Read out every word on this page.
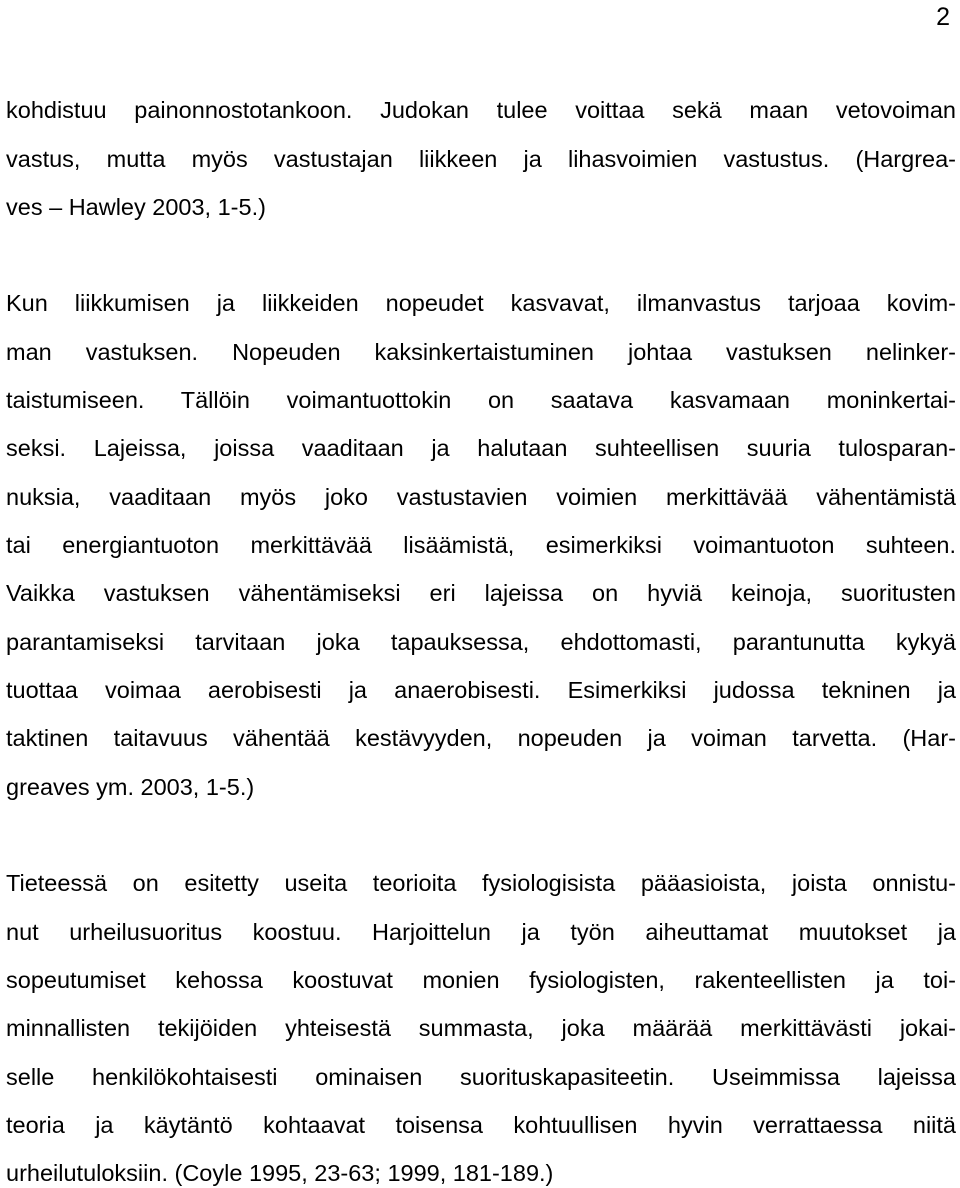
2
kohdistuu painonnostotankoon. Judokan tulee voittaa sekä maan vetovoiman
vastus, mutta myös vastustajan liikkeen ja lihasvoimien vastustus. (Hargrea-
ves – Hawley 2003, 1-5.)
Kun liikkumisen ja liikkeiden nopeudet kasvavat, ilmanvastus tarjoaa kovim-
man vastuksen. Nopeuden kaksinkertaistuminen johtaa vastuksen nelinker-
taistumiseen. Tällöin voimantuottokin on saatava kasvamaan moninkertai-
seksi. Lajeissa, joissa vaaditaan ja halutaan suhteellisen suuria tulosparan-
nuksia, vaaditaan myös joko vastustavien voimien merkittävää vähentämistä
tai energiantuoton merkittävää lisäämistä, esimerkiksi voimantuoton suhteen.
Vaikka vastuksen vähentämiseksi eri lajeissa on hyviä keinoja, suoritusten
parantamiseksi tarvitaan joka tapauksessa, ehdottomasti, parantunutta kykyä
tuottaa voimaa aerobisesti ja anaerobisesti. Esimerkiksi judossa tekninen ja
taktinen taitavuus vähentää kestävyyden, nopeuden ja voiman tarvetta. (Har-
greaves ym. 2003, 1-5.)
Tieteessä on esitetty useita teorioita fysiologisista pääasioista, joista onnistu-
nut urheilusuoritus koostuu. Harjoittelun ja työn aiheuttamat muutokset ja
sopeutumiset kehossa koostuvat monien fysiologisten, rakenteellisten ja toi-
minnallisten tekijöiden yhteisestä summasta, joka määrää merkittävästi jokai-
selle henkilökohtaisesti ominaisen suorituskapasiteetin. Useimmissa lajeissa
teoria ja käytäntö kohtaavat toisensa kohtuullisen hyvin verrattaessa niitä
urheilutuloksiin. (Coyle 1995, 23-63; 1999, 181-189.)
